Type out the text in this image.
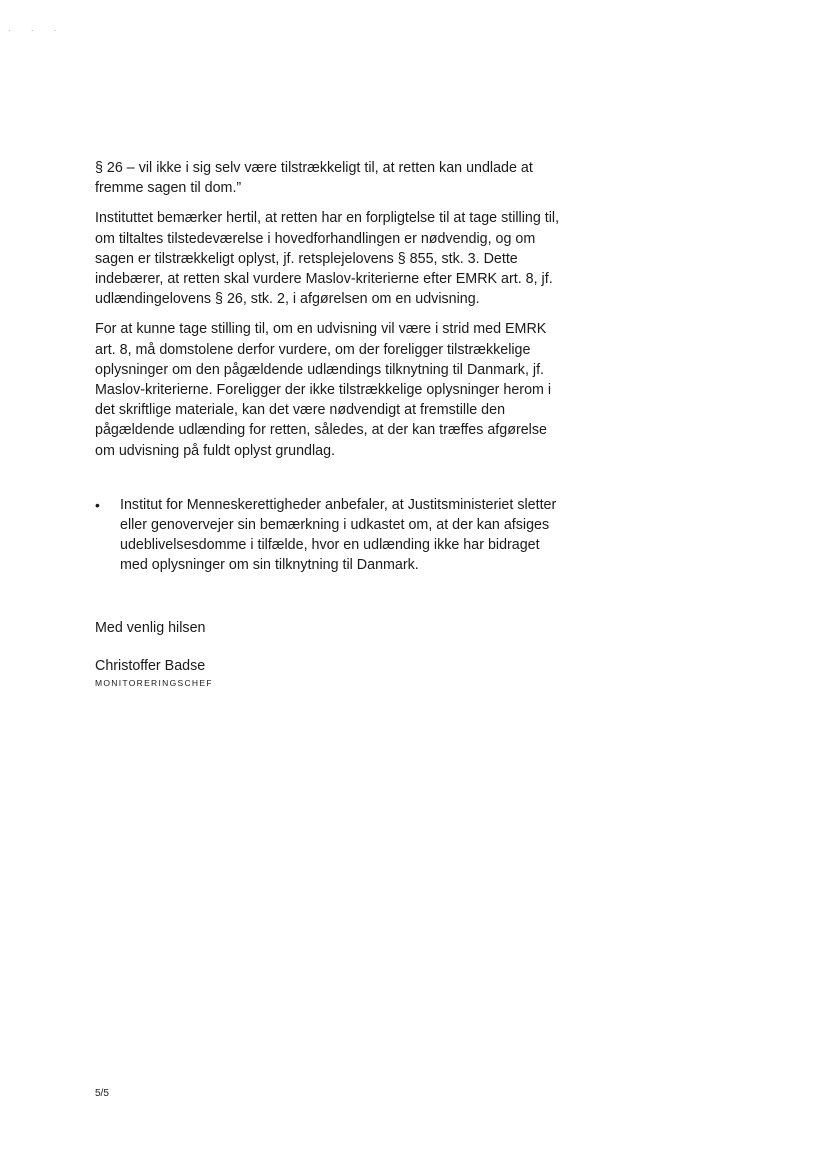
· · ·

§ 26 – vil ikke i sig selv være tilstrækkeligt til, at retten kan undlade at fremme sagen til dom.”

Instituttet bemærker hertil, at retten har en forpligtelse til at tage stilling til, om tiltaltes tilstedeværelse i hovedforhandlingen er nødvendig, og om sagen er tilstrækkeligt oplyst, jf. retsplejelovens § 855, stk. 3. Dette indebærer, at retten skal vurdere Maslov-kriterierne efter EMRK art. 8, jf. udlændingelovens § 26, stk. 2, i afgørelsen om en udvisning.

For at kunne tage stilling til, om en udvisning vil være i strid med EMRK art. 8, må domstolene derfor vurdere, om der foreligger tilstrækkelige oplysninger om den pågældende udlændings tilknytning til Danmark, jf. Maslov-kriterierne. Foreligger der ikke tilstrækkelige oplysninger herom i det skriftlige materiale, kan det være nødvendigt at fremstille den pågældende udlænding for retten, således, at der kan træffes afgørelse om udvisning på fuldt oplyst grundlag.

• Institut for Menneskerettigheder anbefaler, at Justitsministeriet sletter eller genovervejer sin bemærkning i udkastet om, at der kan afsiges udeblivelsesdomme i tilfælde, hvor en udlænding ikke har bidraget med oplysninger om sin tilknytning til Danmark.

Med venlig hilsen

Christoffer Badse

MONITORERINGSCHEF

5/5
